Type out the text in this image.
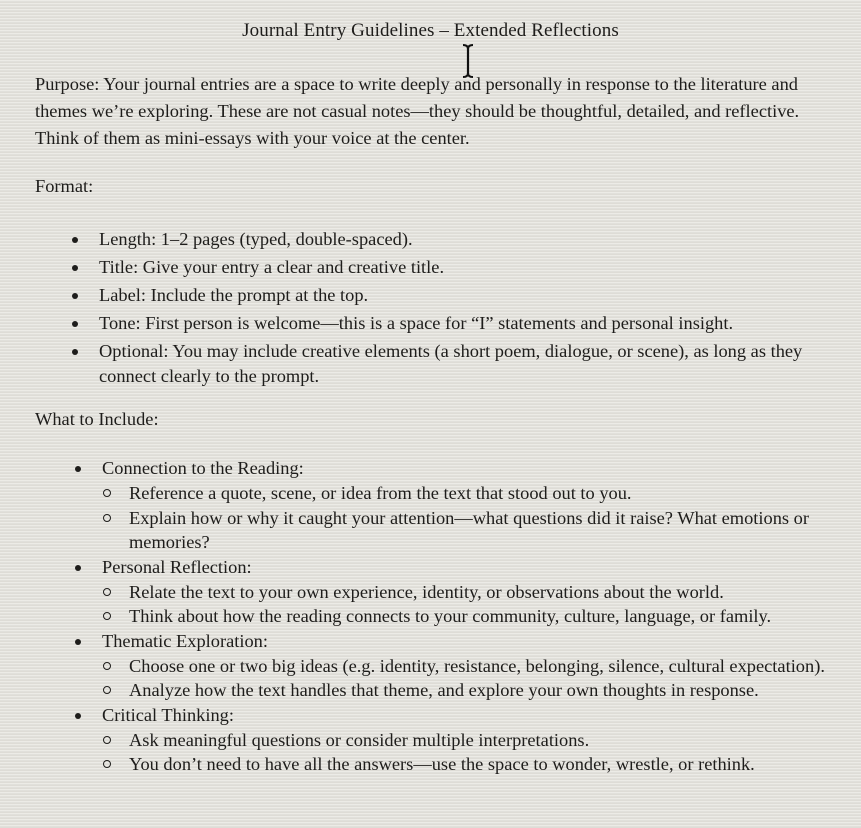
Journal Entry Guidelines – Extended Reflections

Purpose: Your journal entries are a space to write deeply and personally in response to the literature and themes we’re exploring. These are not casual notes—they should be thoughtful, detailed, and reflective. Think of them as mini-essays with your voice at the center.

Format:

Length: 1–2 pages (typed, double-spaced).
Title: Give your entry a clear and creative title.
Label: Include the prompt at the top.
Tone: First person is welcome—this is a space for “I” statements and personal insight.
Optional: You may include creative elements (a short poem, dialogue, or scene), as long as they connect clearly to the prompt.

What to Include:

Connection to the Reading:
Reference a quote, scene, or idea from the text that stood out to you.
Explain how or why it caught your attention—what questions did it raise? What emotions or memories?
Personal Reflection:
Relate the text to your own experience, identity, or observations about the world.
Think about how the reading connects to your community, culture, language, or family.
Thematic Exploration:
Choose one or two big ideas (e.g. identity, resistance, belonging, silence, cultural expectation).
Analyze how the text handles that theme, and explore your own thoughts in response.
Critical Thinking:
Ask meaningful questions or consider multiple interpretations.
You don’t need to have all the answers—use the space to wonder, wrestle, or rethink.
